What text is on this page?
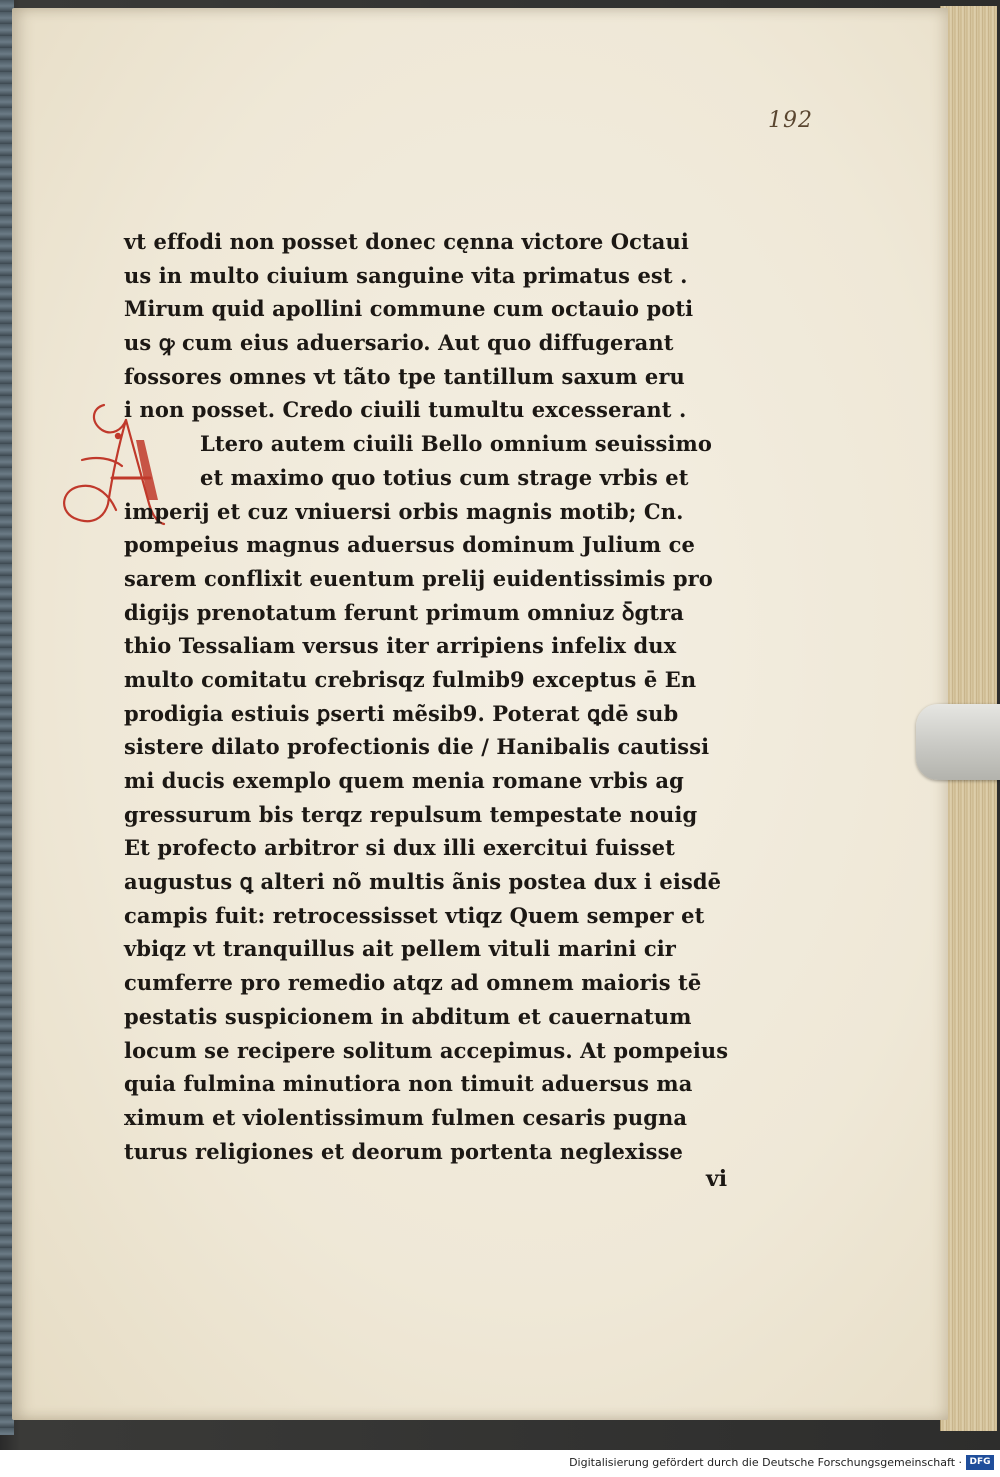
192
vt effodi non posset donec cęnna victore Octaui
us in multo ciuium sanguine vita primatus est .
Mirum quid apollini commune cum octauio poti
us ꝙ cum eius aduersario. Aut quo diffugerant
fossores omnes vt tãto tpe tantillum saxum eru
i non posset. Credo ciuili tumultu excesserant .
Ltero autem ciuili Bello omnium seuissimo
et maximo quo totius cum strage vrbis et
imperij et cuz vniuersi orbis magnis motib; Cn.
pompeius magnus aduersus dominum Julium ce
sarem conflixit euentum prelij euidentissimis pro
digijs prenotatum ferunt primum omniuz ꝺ̄gtra
thio Tessaliam versus iter arripiens infelix dux
multo comitatu crebrisqz fulmib9 exceptus ē En
prodigia estiuis ꝑserti mẽsib9. Poterat ꝗdē sub
sistere dilato profectionis die / Hanibalis cautissi
mi ducis exemplo quem menia romane vrbis ag
gressurum bis terqz repulsum tempestate nouig
Et profecto arbitror si dux illi exercitui fuisset
augustus ꝗ alteri nõ multis ãnis postea dux i eisdē
campis fuit: retrocessisset vtiqz Quem semper et
vbiqz vt tranquillus ait pellem vituli marini cir
cumferre pro remedio atqz ad omnem maioris tē
pestatis suspicionem in abditum et cauernatum
locum se recipere solitum accepimus. At pompeius
quia fulmina minutiora non timuit aduersus ma
ximum et violentissimum fulmen cesaris pugna
turus religiones et deorum portenta neglexisse
vi
Digitalisierung gefördert durch die Deutsche Forschungsgemeinschaft · DFG
